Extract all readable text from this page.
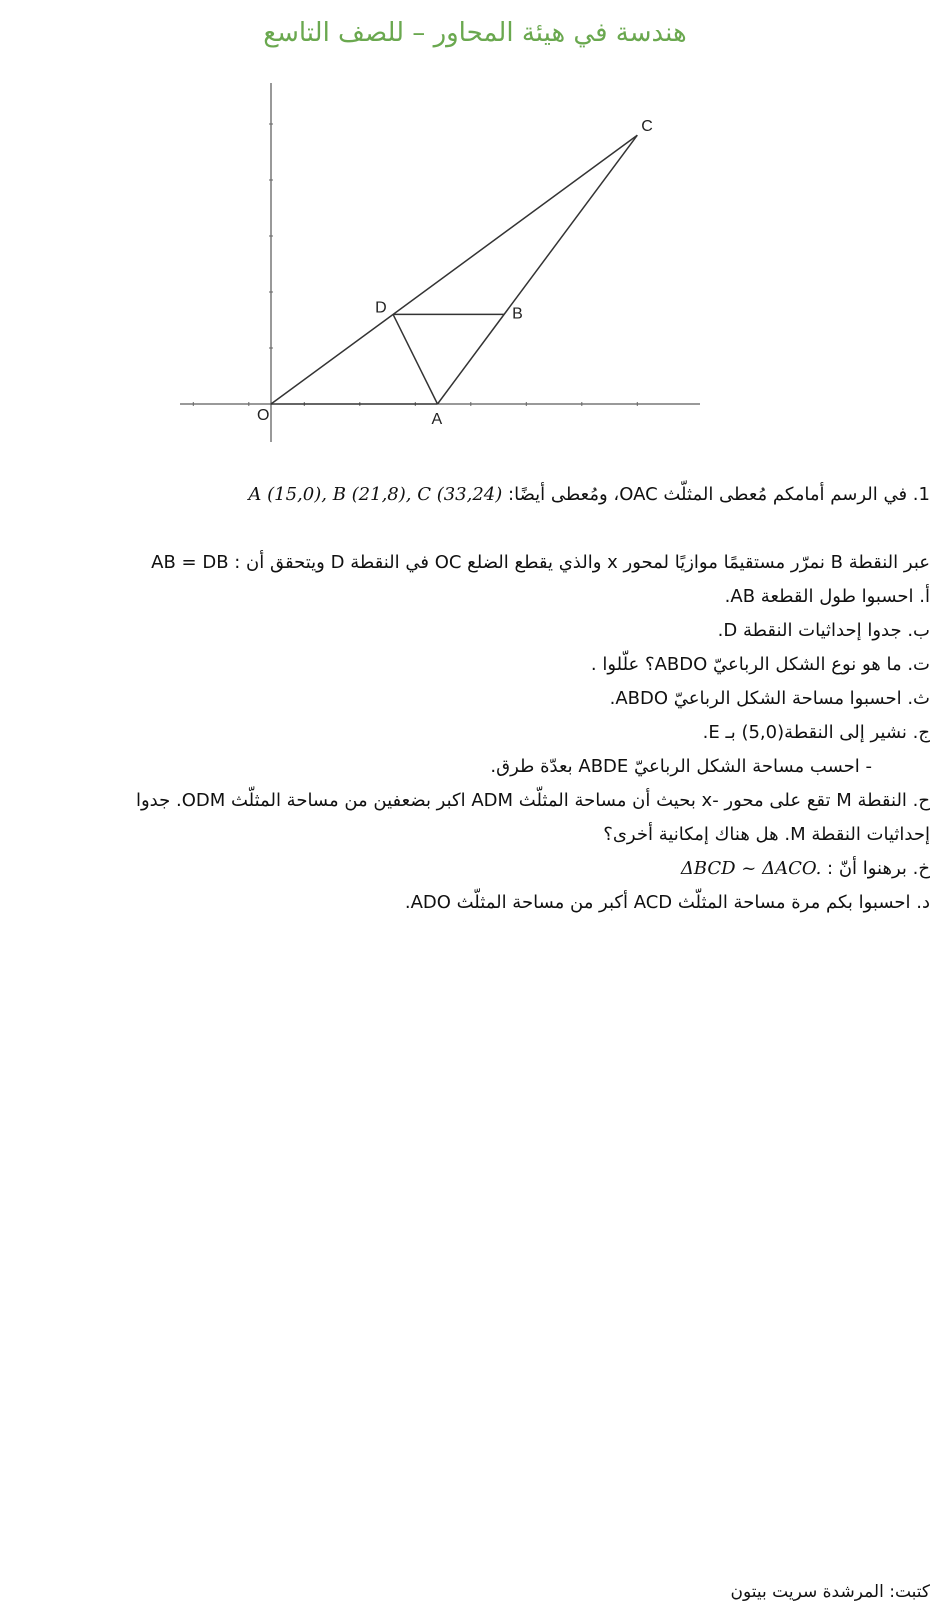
هندسة في هيئة المحاور – للصف التاسع
O	A
B
C
D
1. في الرسم أمامكم مُعطى المثلّث OAC، ومُعطى أيضًا: A (15,0), B (21,8), C (33,24)
عبر النقطة B نمرّر مستقيمًا موازيًا لمحور x والذي يقطع الضلع OC في النقطة D ويتحقق أن : AB = DB
أ. احسبوا طول القطعة AB.
ب. جدوا إحداثيات النقطة D.
ت. ما هو نوع الشكل الرباعيّ ABDO؟ علّلوا .
ث. احسبوا مساحة الشكل الرباعيّ ABDO.
ج. نشير إلى النقطة(5,0) بـ E.
- احسب مساحة الشكل الرباعيّ ABDE بعدّة طرق.
ح. النقطة M تقع على محور -x بحيث أن مساحة المثلّث ADM اكبر بضعفين من مساحة المثلّث ODM. جدوا
إحداثيات النقطة M. هل هناك إمكانية أخرى؟
خ. برهنوا أنّ : ΔBCD ~ ΔACO.
د. احسبوا بكم مرة مساحة المثلّث ACD أكبر من مساحة المثلّث ADO.
كتبت: المرشدة سريت بيتون
